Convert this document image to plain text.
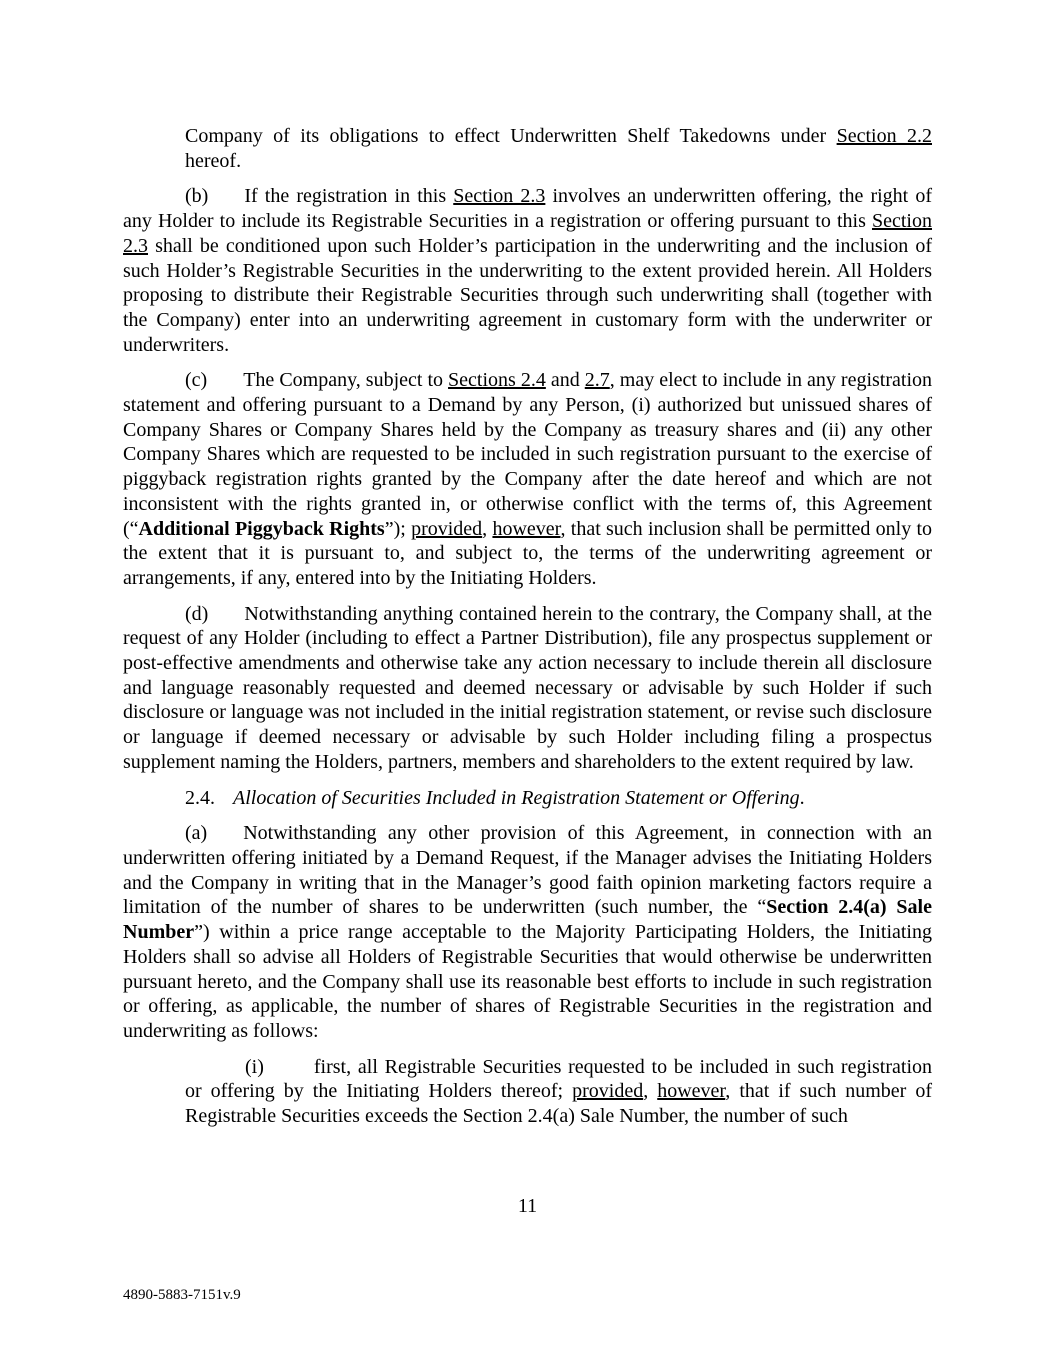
Company of its obligations to effect Underwritten Shelf Takedowns under Section 2.2 hereof.
(b) If the registration in this Section 2.3 involves an underwritten offering, the right of any Holder to include its Registrable Securities in a registration or offering pursuant to this Section 2.3 shall be conditioned upon such Holder’s participation in the underwriting and the inclusion of such Holder’s Registrable Securities in the underwriting to the extent provided herein. All Holders proposing to distribute their Registrable Securities through such underwriting shall (together with the Company) enter into an underwriting agreement in customary form with the underwriter or underwriters.
(c) The Company, subject to Sections 2.4 and 2.7, may elect to include in any registration statement and offering pursuant to a Demand by any Person, (i) authorized but unissued shares of Company Shares or Company Shares held by the Company as treasury shares and (ii) any other Company Shares which are requested to be included in such registration pursuant to the exercise of piggyback registration rights granted by the Company after the date hereof and which are not inconsistent with the rights granted in, or otherwise conflict with the terms of, this Agreement (“Additional Piggyback Rights”); provided, however, that such inclusion shall be permitted only to the extent that it is pursuant to, and subject to, the terms of the underwriting agreement or arrangements, if any, entered into by the Initiating Holders.
(d) Notwithstanding anything contained herein to the contrary, the Company shall, at the request of any Holder (including to effect a Partner Distribution), file any prospectus supplement or post-effective amendments and otherwise take any action necessary to include therein all disclosure and language reasonably requested and deemed necessary or advisable by such Holder if such disclosure or language was not included in the initial registration statement, or revise such disclosure or language if deemed necessary or advisable by such Holder including filing a prospectus supplement naming the Holders, partners, members and shareholders to the extent required by law.
2.4. Allocation of Securities Included in Registration Statement or Offering.
(a) Notwithstanding any other provision of this Agreement, in connection with an underwritten offering initiated by a Demand Request, if the Manager advises the Initiating Holders and the Company in writing that in the Manager’s good faith opinion marketing factors require a limitation of the number of shares to be underwritten (such number, the “Section 2.4(a) Sale Number”) within a price range acceptable to the Majority Participating Holders, the Initiating Holders shall so advise all Holders of Registrable Securities that would otherwise be underwritten pursuant hereto, and the Company shall use its reasonable best efforts to include in such registration or offering, as applicable, the number of shares of Registrable Securities in the registration and underwriting as follows:
(i)	first, all Registrable Securities requested to be included in such registration or offering by the Initiating Holders thereof; provided, however, that if such number of Registrable Securities exceeds the Section 2.4(a) Sale Number, the number of such
11
4890-5883-7151v.9
